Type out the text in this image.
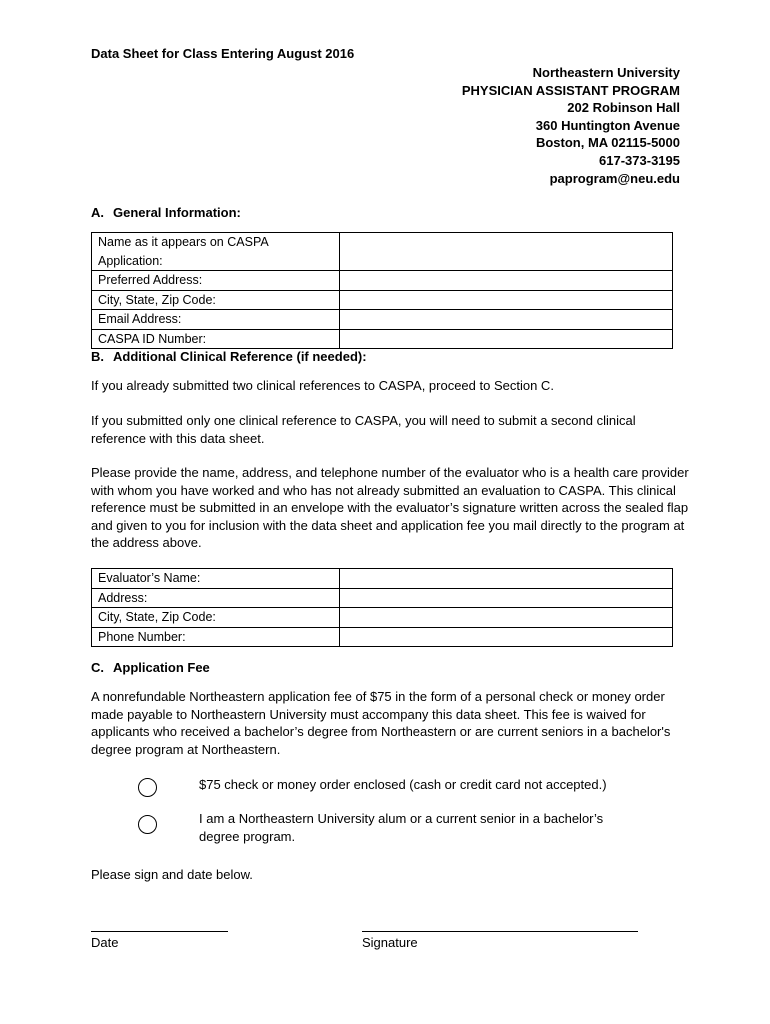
Data Sheet for Class Entering August 2016
Northeastern University
PHYSICIAN ASSISTANT PROGRAM
202 Robinson Hall
360 Huntington Avenue
Boston, MA 02115-5000
617-373-3195
paprogram@neu.edu
A. General Information:
Name as it appears on CASPA Application:	
Preferred Address:	
City, State, Zip Code:	
Email Address:	
CASPA ID Number:	
B. Additional Clinical Reference (if needed):
If you already submitted two clinical references to CASPA, proceed to Section C.
If you submitted only one clinical reference to CASPA, you will need to submit a second clinical reference with this data sheet.
Please provide the name, address, and telephone number of the evaluator who is a health care provider with whom you have worked and who has not already submitted an evaluation to CASPA. This clinical reference must be submitted in an envelope with the evaluator’s signature written across the sealed flap and given to you for inclusion with the data sheet and application fee you mail directly to the program at the address above.
Evaluator’s Name:	
Address:	
City, State, Zip Code:	
Phone Number:	
C. Application Fee
A nonrefundable Northeastern application fee of $75 in the form of a personal check or money order made payable to Northeastern University must accompany this data sheet. This fee is waived for applicants who received a bachelor’s degree from Northeastern or are current seniors in a bachelor's degree program at Northeastern.
$75 check or money order enclosed (cash or credit card not accepted.)
I am a Northeastern University alum or a current senior in a bachelor’s degree program.
Please sign and date below.
Date	Signature
